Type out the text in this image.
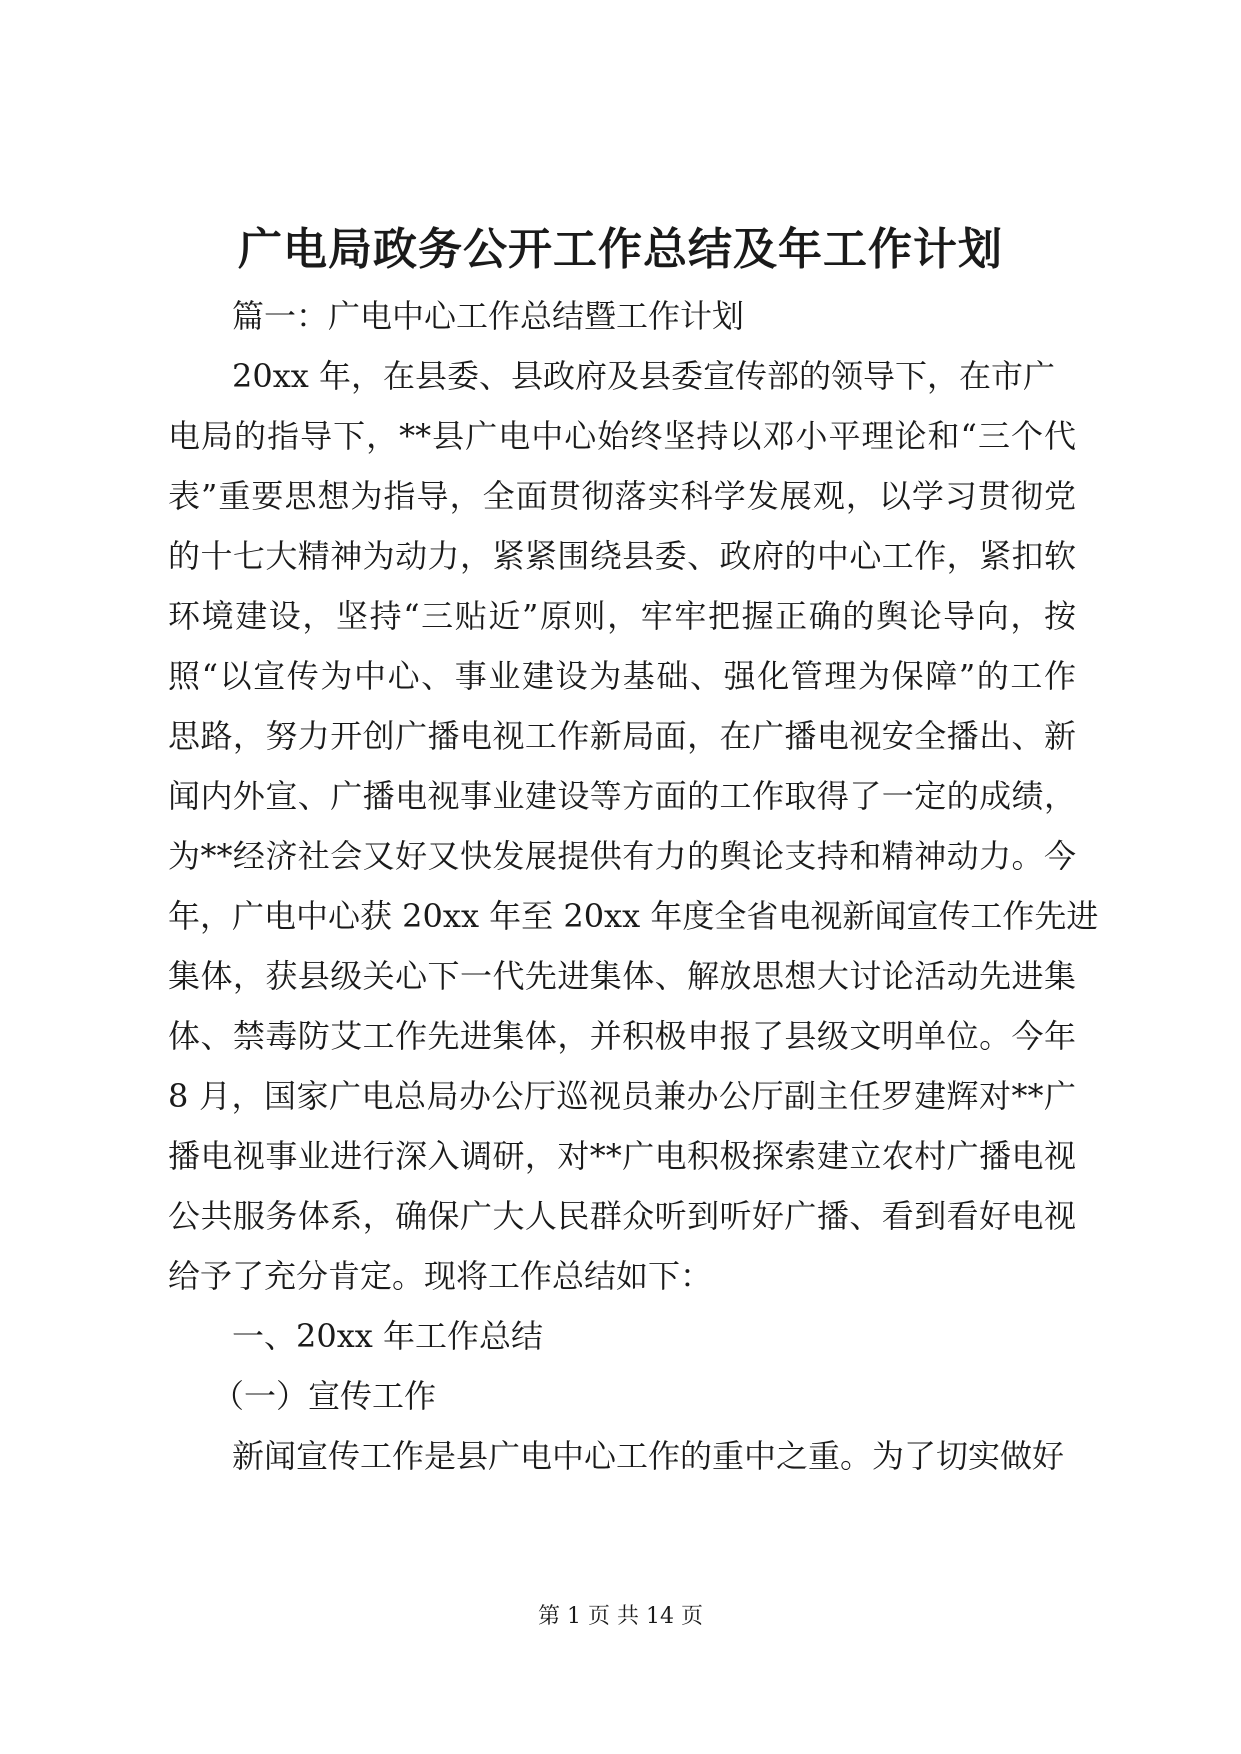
广电局政务公开工作总结及年工作计划
篇一：广电中心工作总结暨工作计划
20xx 年，在县委、县政府及县委宣传部的领导下，在市广
电局的指导下，**县广电中心始终坚持以邓小平理论和“三个代
表”重要思想为指导，全面贯彻落实科学发展观，以学习贯彻党
的十七大精神为动力，紧紧围绕县委、政府的中心工作，紧扣软
环境建设，坚持“三贴近”原则，牢牢把握正确的舆论导向，按
照“以宣传为中心、事业建设为基础、强化管理为保障”的工作
思路，努力开创广播电视工作新局面，在广播电视安全播出、新
闻内外宣、广播电视事业建设等方面的工作取得了一定的成绩，
为**经济社会又好又快发展提供有力的舆论支持和精神动力。今
年，广电中心获 20xx 年至 20xx 年度全省电视新闻宣传工作先进
集体，获县级关心下一代先进集体、解放思想大讨论活动先进集
体、禁毒防艾工作先进集体，并积极申报了县级文明单位。今年
8 月，国家广电总局办公厅巡视员兼办公厅副主任罗建辉对**广
播电视事业进行深入调研，对**广电积极探索建立农村广播电视
公共服务体系，确保广大人民群众听到听好广播、看到看好电视
给予了充分肯定。现将工作总结如下：
一、20xx 年工作总结
（一）宣传工作
新闻宣传工作是县广电中心工作的重中之重。为了切实做好
第 1 页 共 14 页
